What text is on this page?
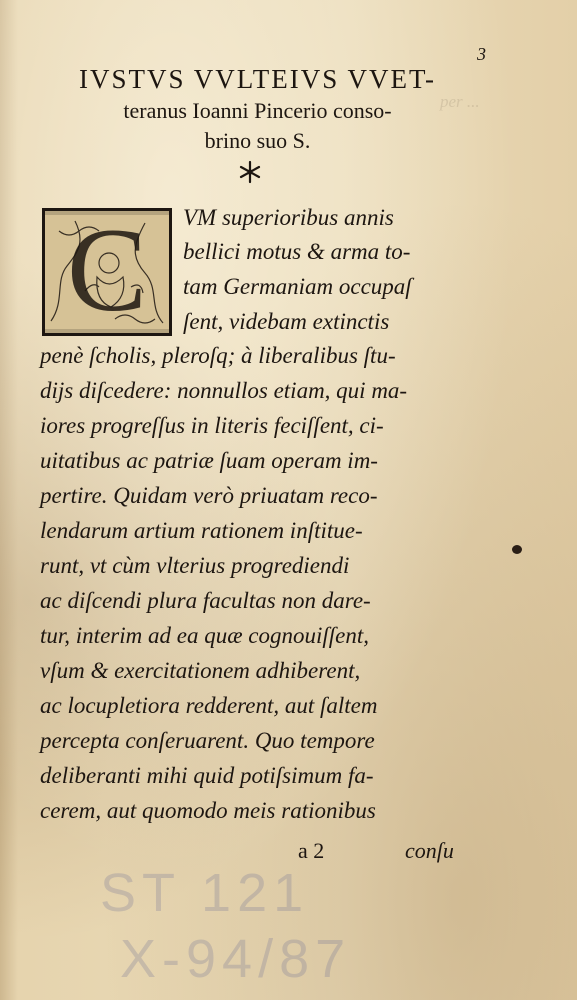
per ...
3
IVSTVS VVLTEIVS VVET-
teranus Ioanni Pincerio conso-
brino suo S.
C	VM superioribus annis
bellici motus & arma to-
tam Germaniam occupaſ
ſent, videbam extinctis
penè ſcholis, pleroſq; à liberalibus ſtu-
dijs diſcedere: nonnullos etiam, qui ma-
iores progreſſus in literis feciſſent, ci-
uitatibus ac patriæ ſuam operam im-
pertire. Quidam verò priuatam reco-
lendarum artium rationem inſtitue-
runt, vt cùm vlterius progrediendi
ac diſcendi plura facultas non dare-
tur, interim ad ea quæ cognouiſſent,
vſum & exercitationem adhiberent,
ac locupletiora redderent, aut ſaltem
percepta conſeruarent. Quo tempore
deliberanti mihi quid potiſsimum fa-
cerem, aut quomodo meis rationibus
a 2	conſu
ST 121
X-94/87
